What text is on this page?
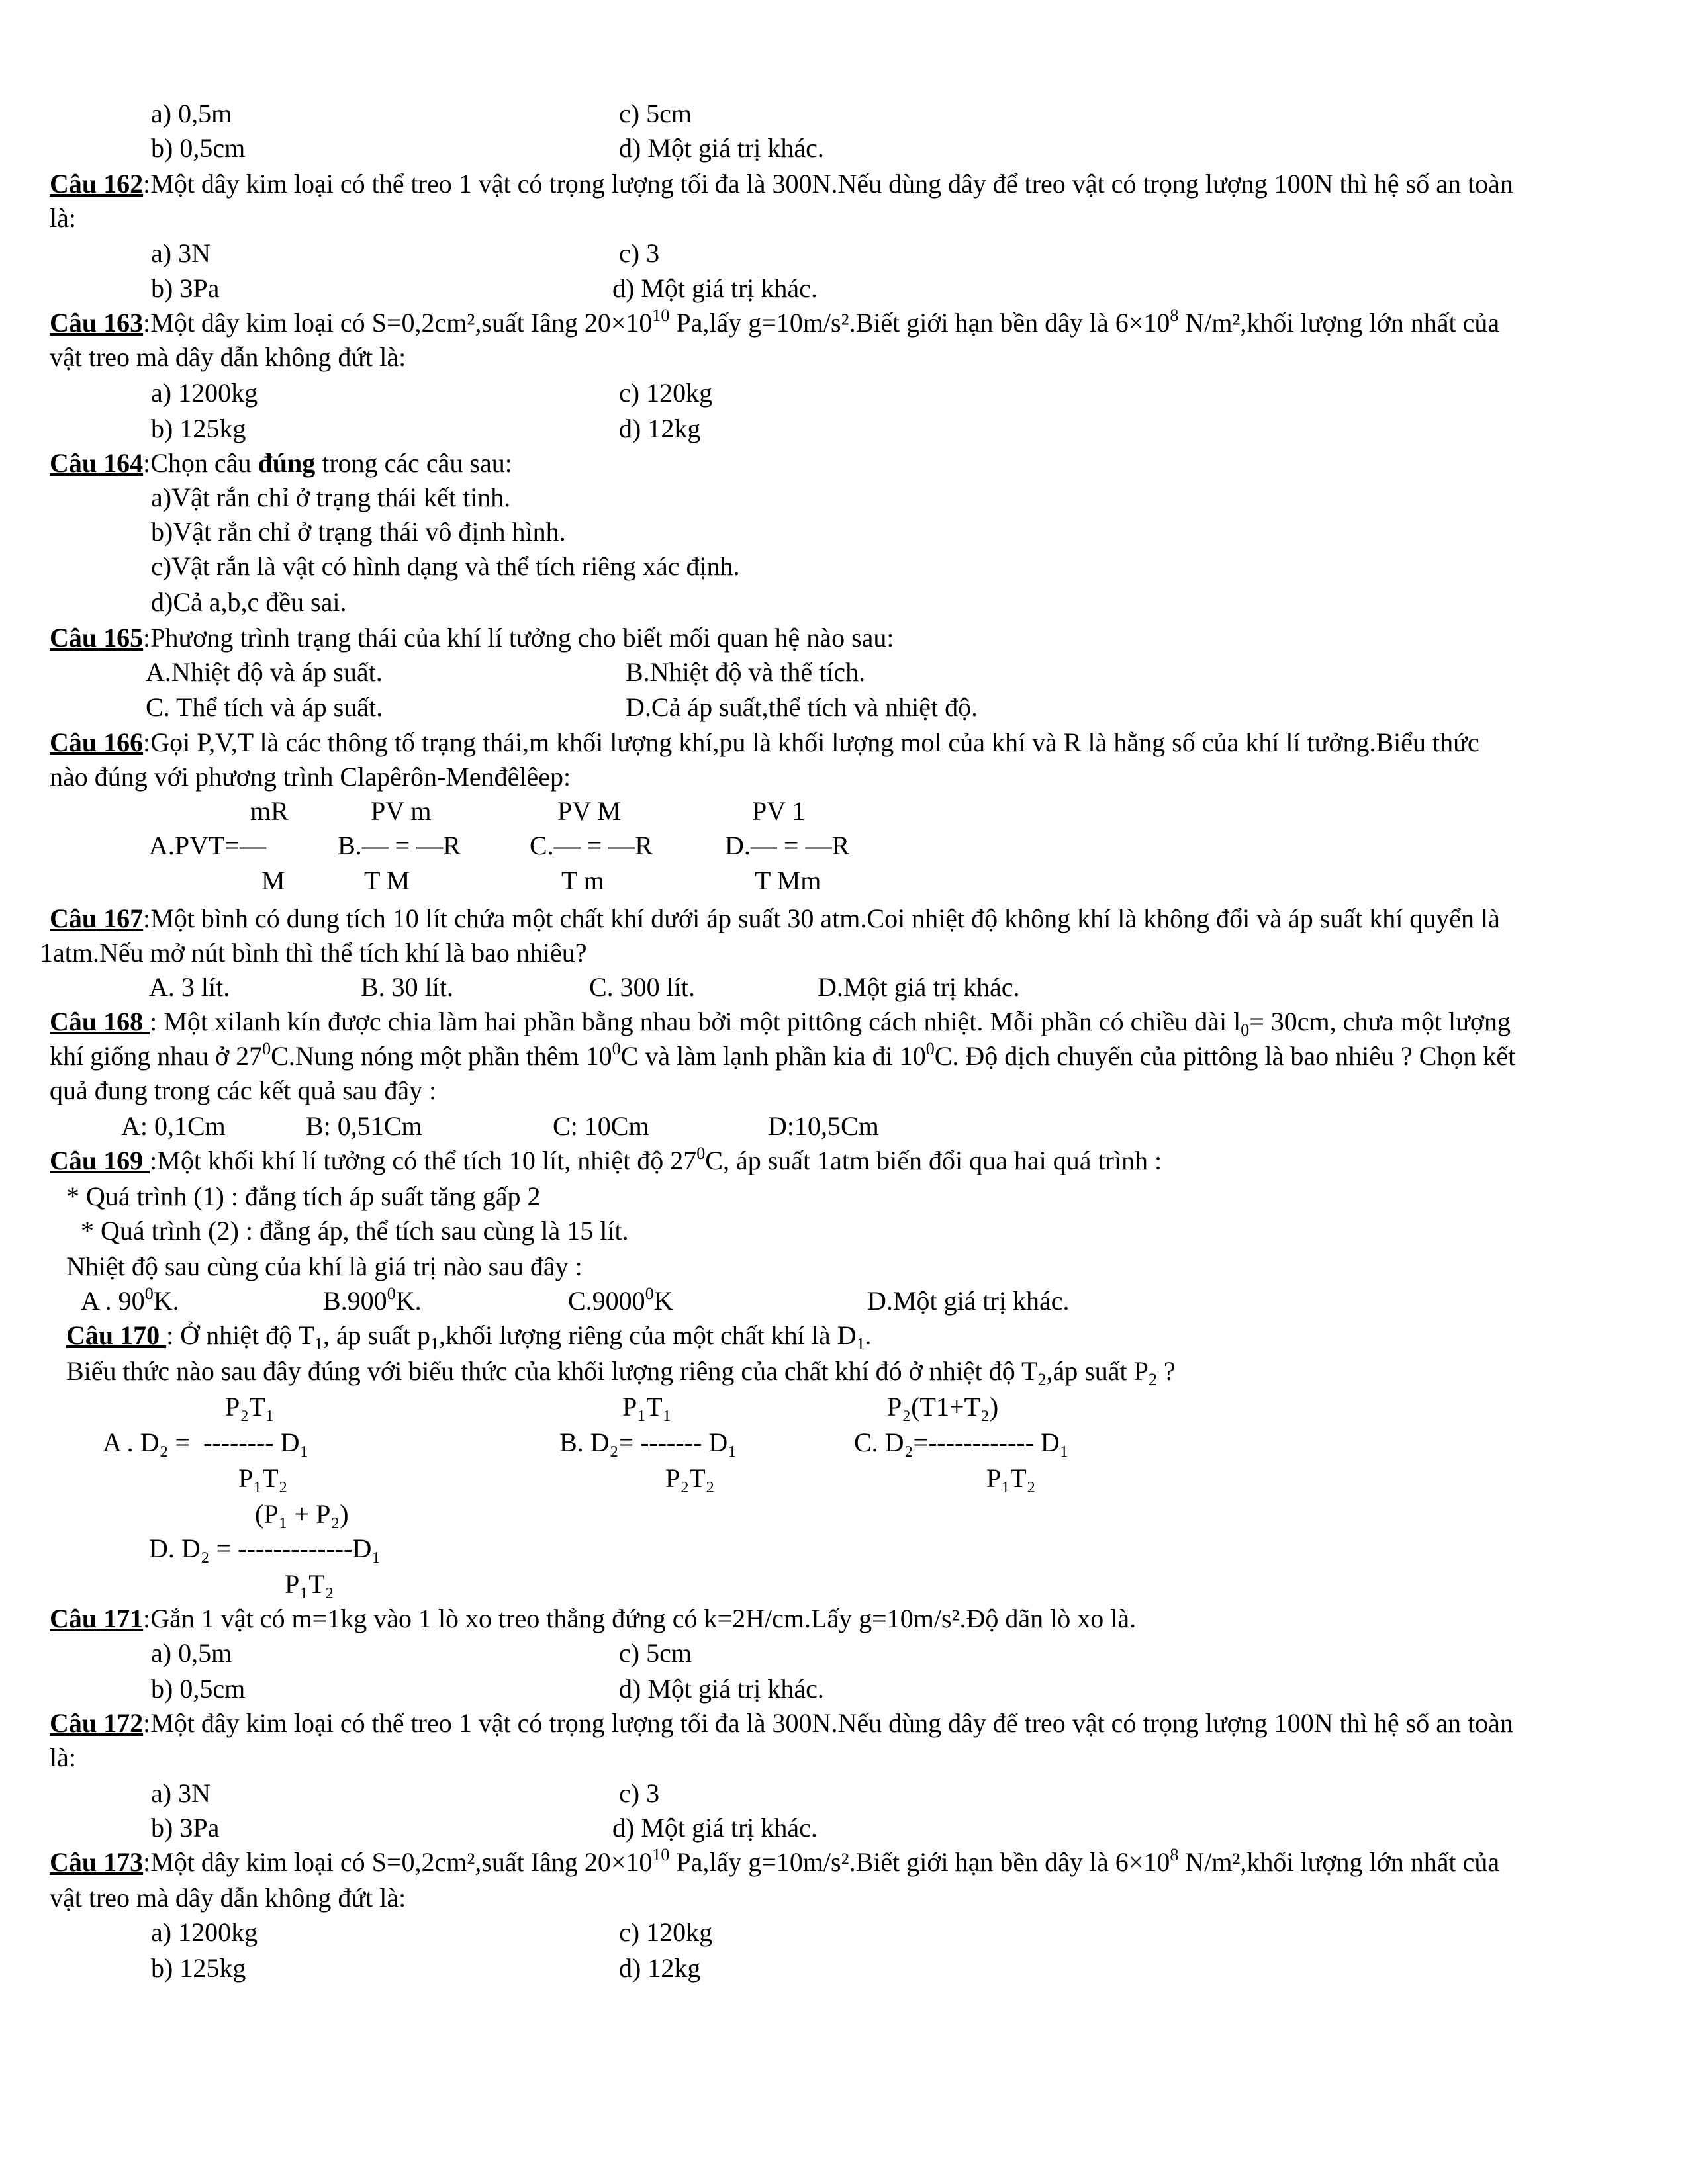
a) 0,5m	c) 5cm
b) 0,5cm	d) Một giá trị khác.
Câu 162:Một dây kim loại có thể treo 1 vật có trọng lượng tối đa là 300N.Nếu dùng dây để treo vật có trọng lượng 100N thì hệ số an toàn
là:
a) 3N	c) 3
b) 3Pa	d) Một giá trị khác.
Câu 163:Một dây kim loại có S=0,2cm²,suất Iâng $20\times 10^{10}$ Pa,lấy g=10m/s².Biết giới hạn bền dây là $6\times 10^8$ N/m²,khối lượng lớn nhất của
vật treo mà dây dẫn không đứt là:
a) 1200kg	c) 120kg
b) 125kg	d) 12kg
Câu 164:Chọn câu đúng trong các câu sau:
a)Vật rắn chỉ ở trạng thái kết tinh.
b)Vật rắn chỉ ở trạng thái vô định hình.
c)Vật rắn là vật có hình dạng và thể tích riêng xác định.
d)Cả a,b,c đều sai.
Câu 165:Phương trình trạng thái của khí lí tưởng cho biết mối quan hệ nào sau:
A.Nhiệt độ và áp suất.	B.Nhiệt độ và thể tích.
C. Thể tích và áp suất.	D.Cả áp suất,thể tích và nhiệt độ.
Câu 166:Gọi P,V,T là các thông tố trạng thái,m khối lượng khí,pu là khối lượng mol của khí và R là hằng số của khí lí tưởng.Biểu thức
nào đúng với phương trình Clapêrôn-Menđêlêep:
mR	PV m	PV M	PV 1
A.PVT=—	B.— = —R	C.— = —R	D.— = —R
M	T M	T m	T Mm
Câu 167:Một bình có dung tích 10 lít chứa một chất khí dưới áp suất 30 atm.Coi nhiệt độ không khí là không đổi và áp suất khí quyển là
1atm.Nếu mở nút bình thì thể tích khí là bao nhiêu?
A. 3 lít.	B. 30 lít.	C. 300 lít.	D.Một giá trị khác.
Câu 168 : Một xilanh kín được chia làm hai phần bằng nhau bởi một pittông cách nhiệt. Mỗi phần có chiều dài $l_0= 30cm$, chưa một lượng
khí giống nhau ở $27^0C.Nung$ nóng một phần thêm $10^0C$ và làm lạnh phần kia đi $10^0C$. Độ dịch chuyển của pittông là bao nhiêu ? Chọn kết
quả đung trong các kết quả sau đây :
A: 0,1Cm	B: 0,51Cm	C: 10Cm	D:10,5Cm
Câu 169 :Một khối khí lí tưởng có thể tích 10 lít, nhiệt độ $27^0C$, áp suất 1atm biến đổi qua hai quá trình :
* Quá trình (1) : đẳng tích áp suất tăng gấp 2
* Quá trình (2) : đẳng áp, thể tích sau cùng là 15 lít.
Nhiệt độ sau cùng của khí là giá trị nào sau đây :
A . $90^0K$.	B.900$^0$K.	C.9000$^0$K	D.Một giá trị khác.
Câu 170 : Ở nhiệt độ $T_1$, áp suất $p_1,khối$ lượng riêng của một chất khí là $D_1$.
Biểu thức nào sau đây đúng với biểu thức của khối lượng riêng của chất khí đó ở nhiệt độ $T_2,áp$ suất $P_2$ ?
P₂T₁	P₁T₁	P₂(T1+T₂)
A . D₂ = -------- D₁	B. D₂= ------- D₁	C. D₂=------------ D₁
P₁T₂	P₂T₂	P₁T₂
(P₁ + P₂)
D. D₂ = -------------D₁
P₁T₂
Câu 171:Gắn 1 vật có m=1kg vào 1 lò xo treo thẳng đứng có k=2H/cm.Lấy g=10m/s².Độ dãn lò xo là.
a) 0,5m	c) 5cm
b) 0,5cm	d) Một giá trị khác.
Câu 172:Một đây kim loại có thể treo 1 vật có trọng lượng tối đa là 300N.Nếu dùng dây để treo vật có trọng lượng 100N thì hệ số an toàn
là:
a) 3N	c) 3
b) 3Pa	d) Một giá trị khác.
Câu 173:Một dây kim loại có S=0,2cm²,suất Iâng $20\times 10^{10}$ Pa,lấy g=10m/s².Biết giới hạn bền dây là $6\times 10^8$ N/m²,khối lượng lớn nhất của
vật treo mà dây dẫn không đứt là:
a) 1200kg	c) 120kg
b) 125kg	d) 12kg
